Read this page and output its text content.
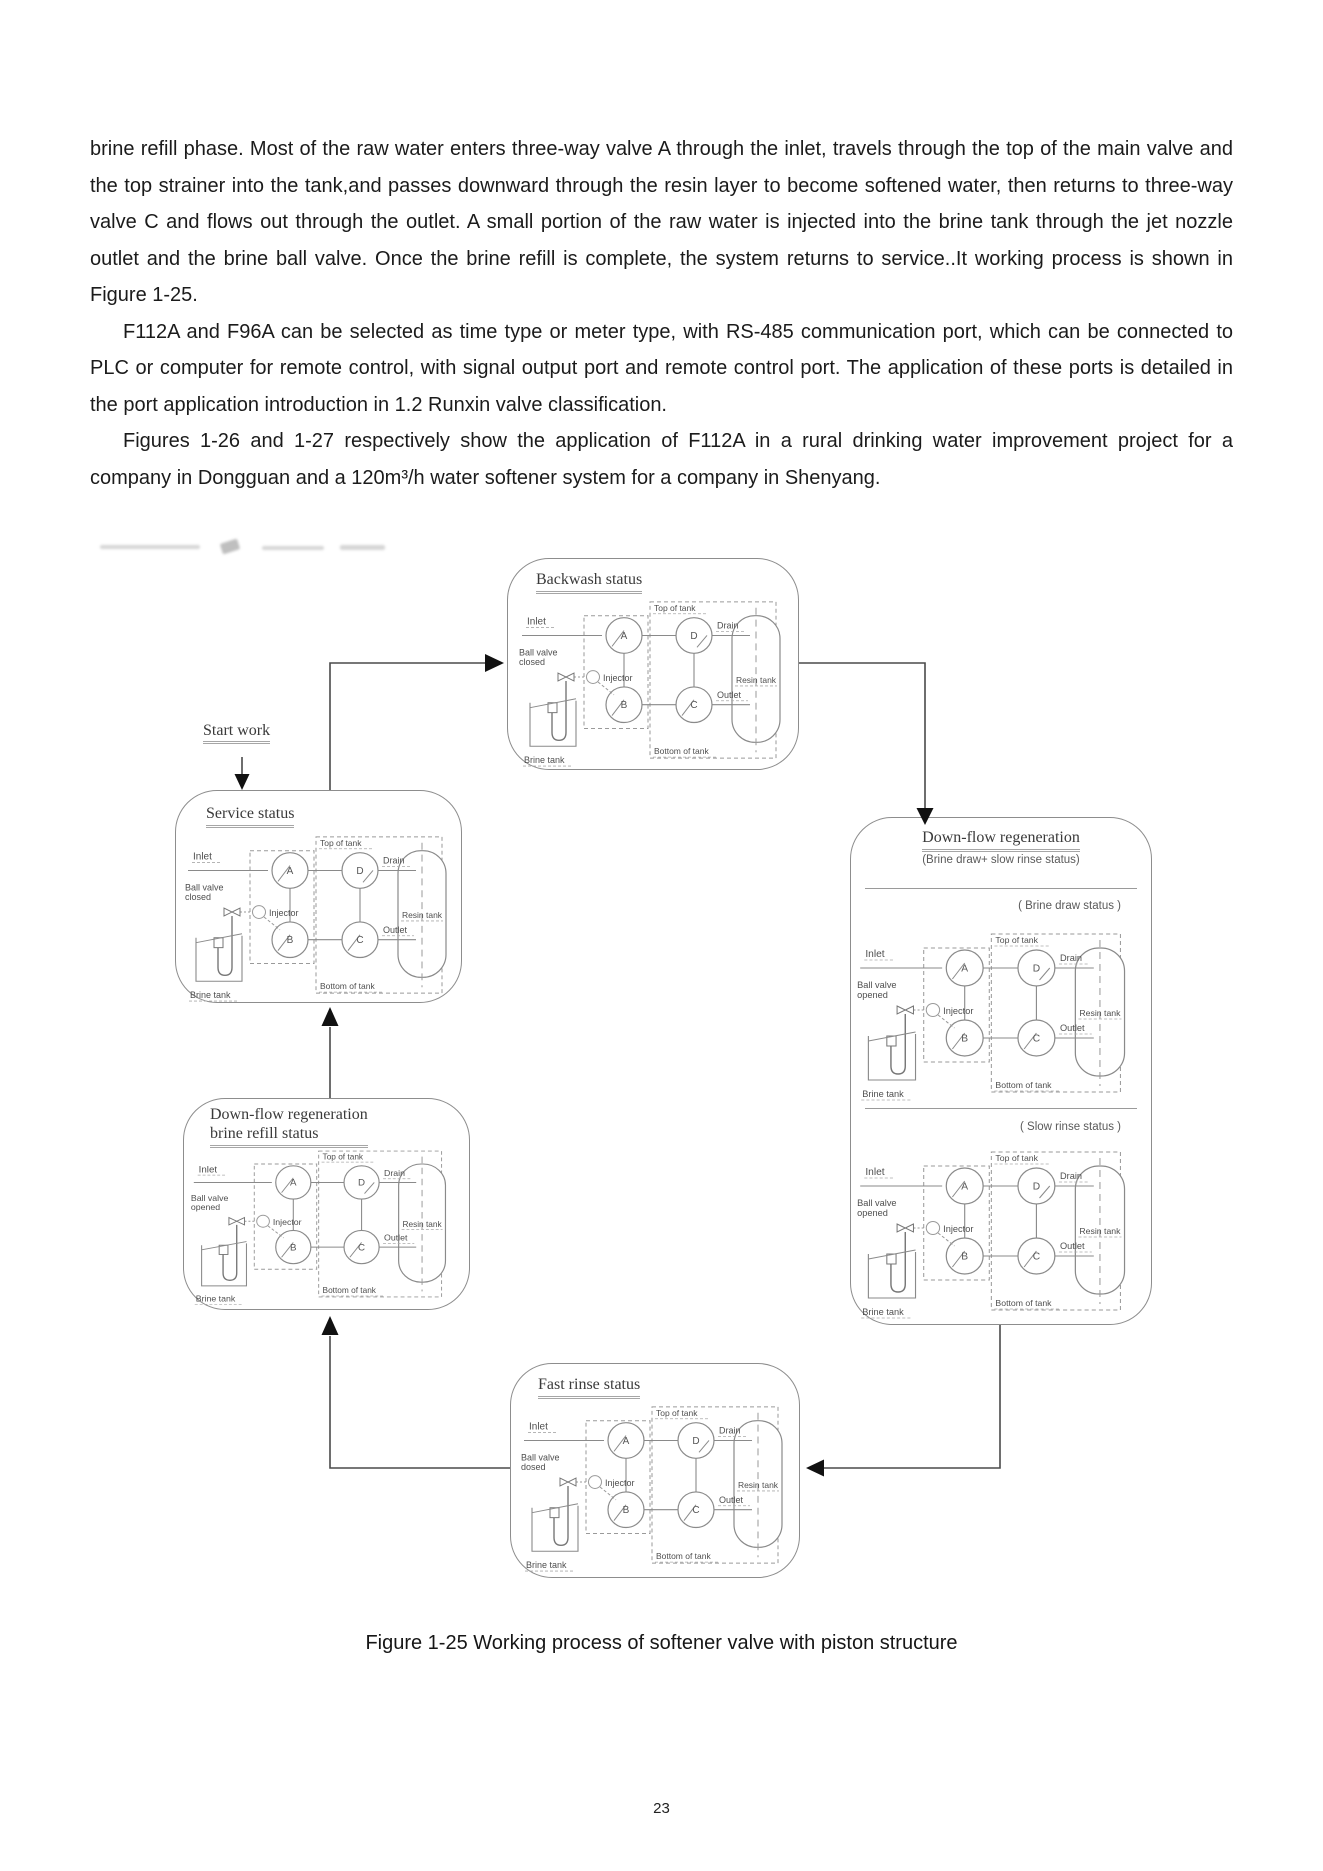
brine refill phase. Most of the raw water enters three-way valve A through the inlet, travels through the top of the main valve and the top strainer into the tank,and passes downward through the resin layer to become softened water, then returns to three-way valve C and flows out through the outlet. A small portion of the raw water is injected into the brine tank through the jet nozzle outlet and the brine ball valve. Once the brine refill is complete, the system returns to service..It working process is shown in Figure 1-25.

F112A and F96A can be selected as time type or meter type, with RS-485 communication port, which can be connected to PLC or computer for remote control, with signal output port and remote control port. The application of these ports is detailed in the port application introduction in 1.2 Runxin valve classification.

Figures 1-26 and 1-27 respectively show the application of F112A in a rural drinking water improvement project for a company in Dongguan and a 120m³/h water softener system for a company in Shenyang.

Start work
Backwash status
Service status
Down-flow regeneration
(Brine draw+ slow rinse status)
( Brine draw status )
( Slow rinse status )
Down-flow regeneration
brine refill status
Fast rinse status
A	D
B	C
Inlet
Ball valve
closed
Injector
Top of tank
Bottom of tank
Drain
Outlet
Brine tank
Resin tank
A	D
B	C
Inlet
Ball valve
closed
Injector
Top of tank
Bottom of tank
Drain
Outlet
Brine tank
Resin tank
A	D
B	C
Inlet
Ball valve
opened
Injector
Top of tank
Bottom of tank
Drain
Outlet
Brine tank
Resin tank
A	D
B	C
Inlet
Ball valve
opened
Injector
Top of tank
Bottom of tank
Drain
Outlet
Brine tank
Resin tank
A	D
B	C
Inlet
Ball valve
opened
Injector
Top of tank
Bottom of tank
Drain
Outlet
Brine tank
Resin tank
A	D
B	C
Inlet
Ball valve
dosed
Injector
Top of tank
Bottom of tank
Drain
Outlet
Brine tank
Resin tank
Figure 1-25 Working process of softener valve with piston structure
23
